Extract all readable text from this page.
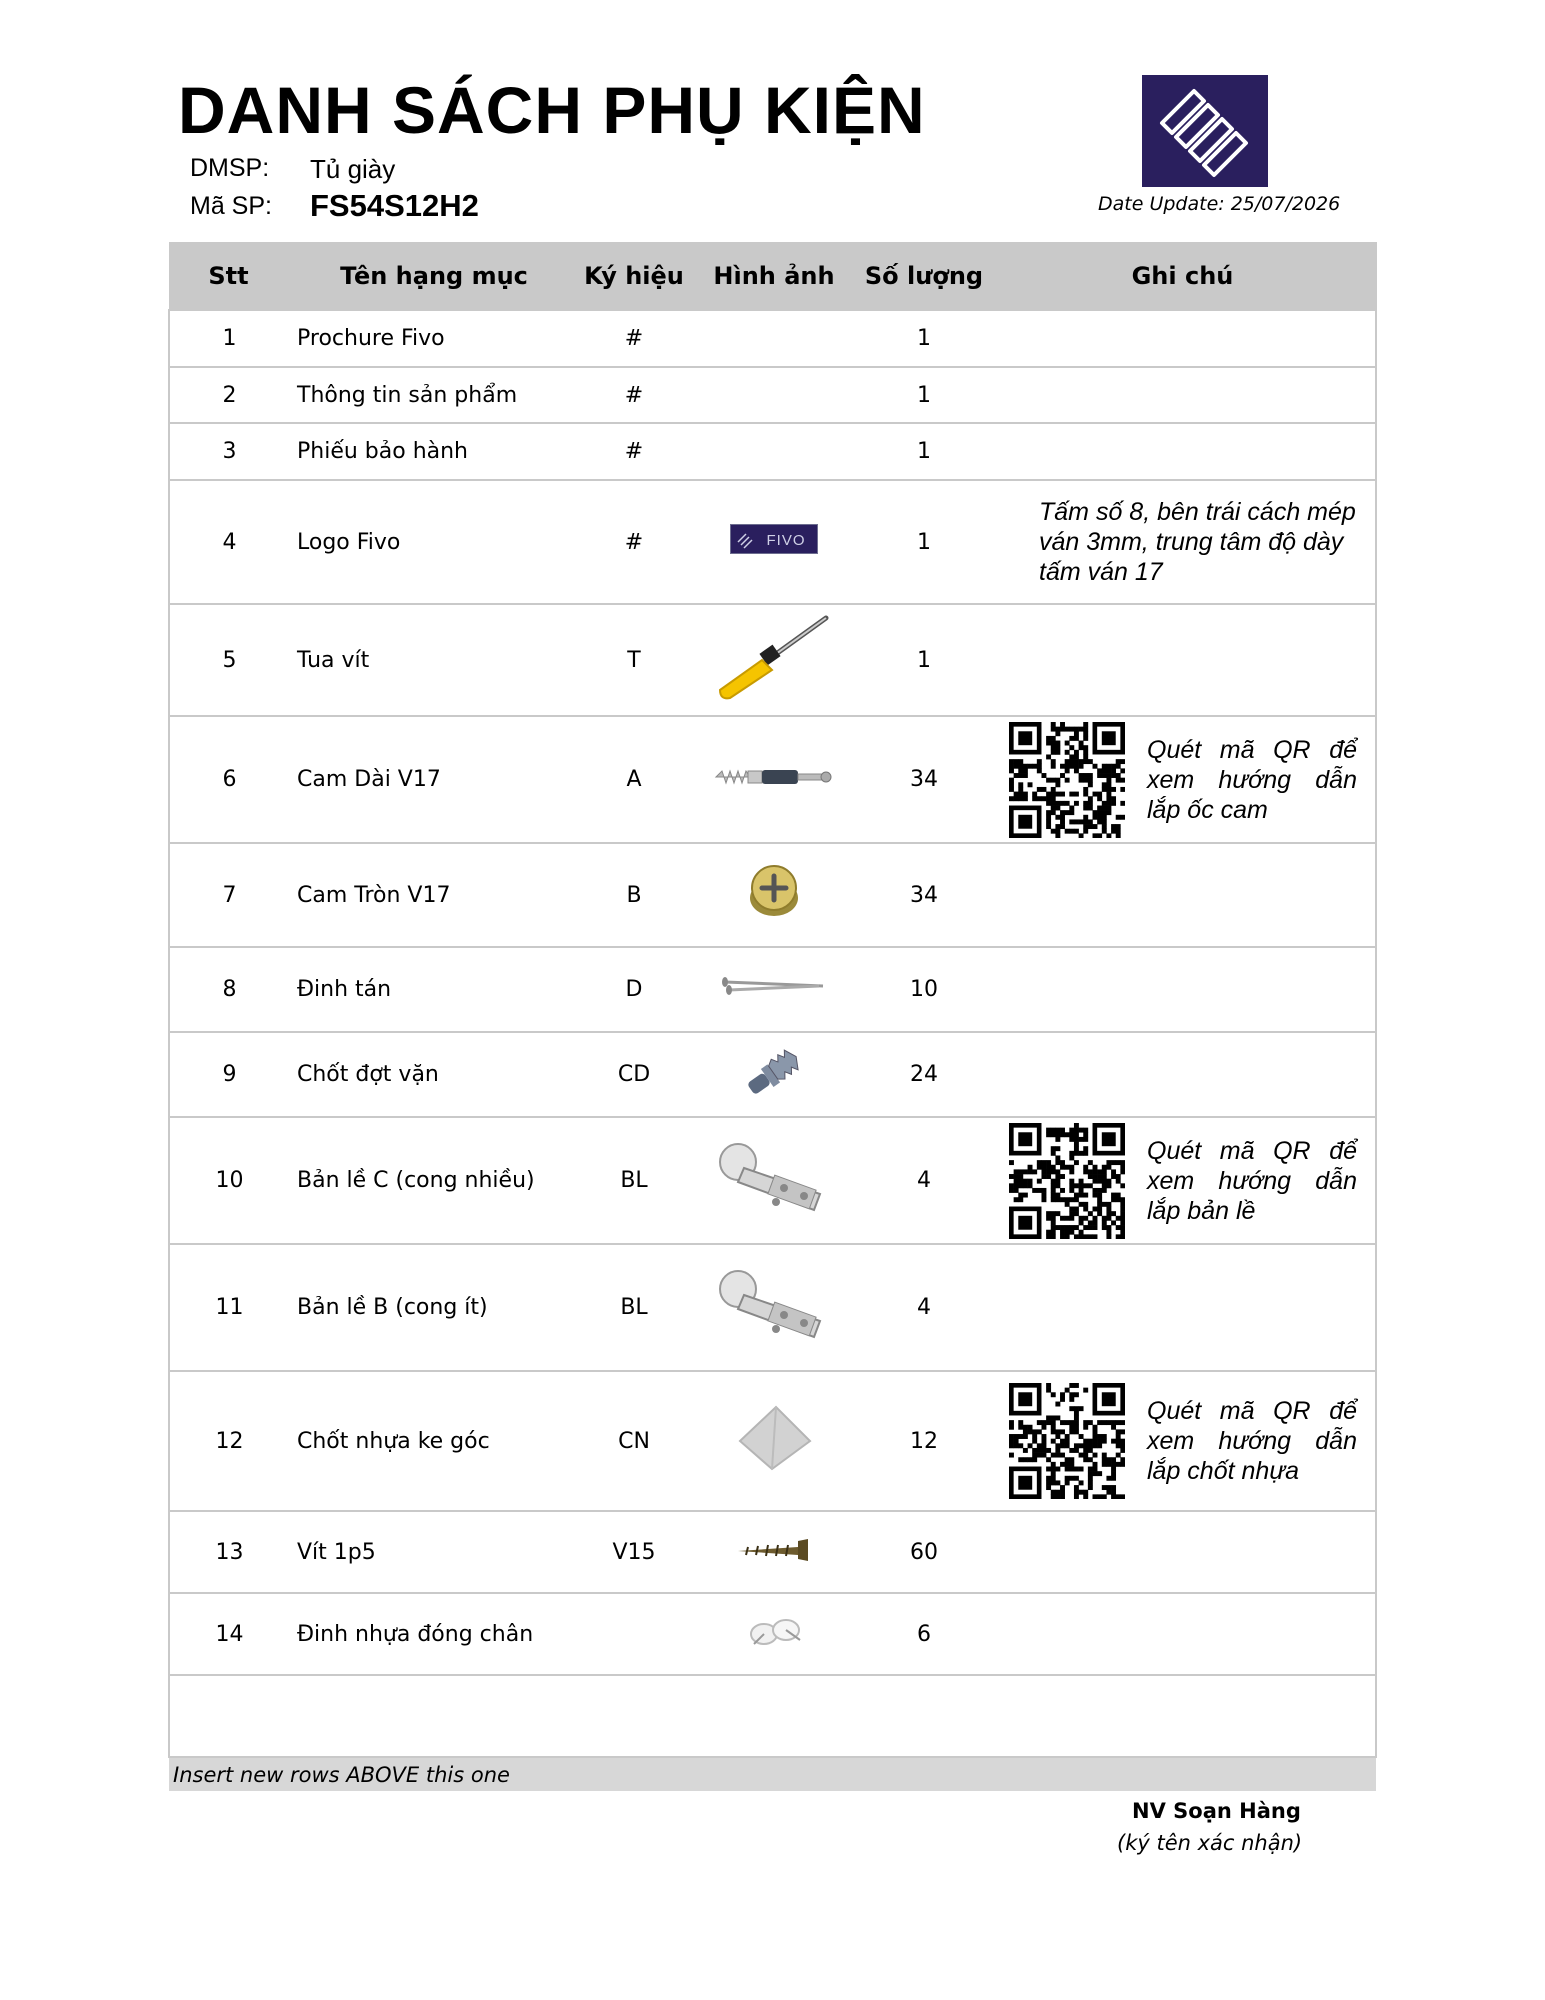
DANH SÁCH PHỤ KIỆN
DMSP: Tủ giày
Mã SP: FS54S12H2	Date Update: 25/07/2026
Stt	Tên hạng mục	Ký hiệu	Hình ảnh	Số lượng	Ghi chú
1	Prochure Fivo	#		1	
2	Thông tin sản phẩm	#		1	
3	Phiếu bảo hành	#		1	
4	Logo Fivo	#	FIVO	1	Tấm số 8, bên trái cách mép ván 3mm, trung tâm độ dày tấm ván 17
5	Tua vít	T		1	
6	Cam Dài V17	A		34	Quét mã QR để xem hướng dẫn lắp ốc cam

7	Cam Tròn V17	B		34	
8	Đinh tán	D		10	
9	Chốt đợt vặn	CD		24	
10	Bản lề C (cong nhiều)	BL		4	Quét mã QR để xem hướng dẫn lắp bản lề

11	Bản lề B (cong ít)	BL		4	
12	Chốt nhựa ke góc	CN		12	Quét mã QR để xem hướng dẫn lắp chốt nhựa

13	Vít 1p5	V15		60	
14	Đinh nhựa đóng chân			6	

Insert new rows ABOVE this one					
NV Soạn Hàng
(ký tên xác nhận)
